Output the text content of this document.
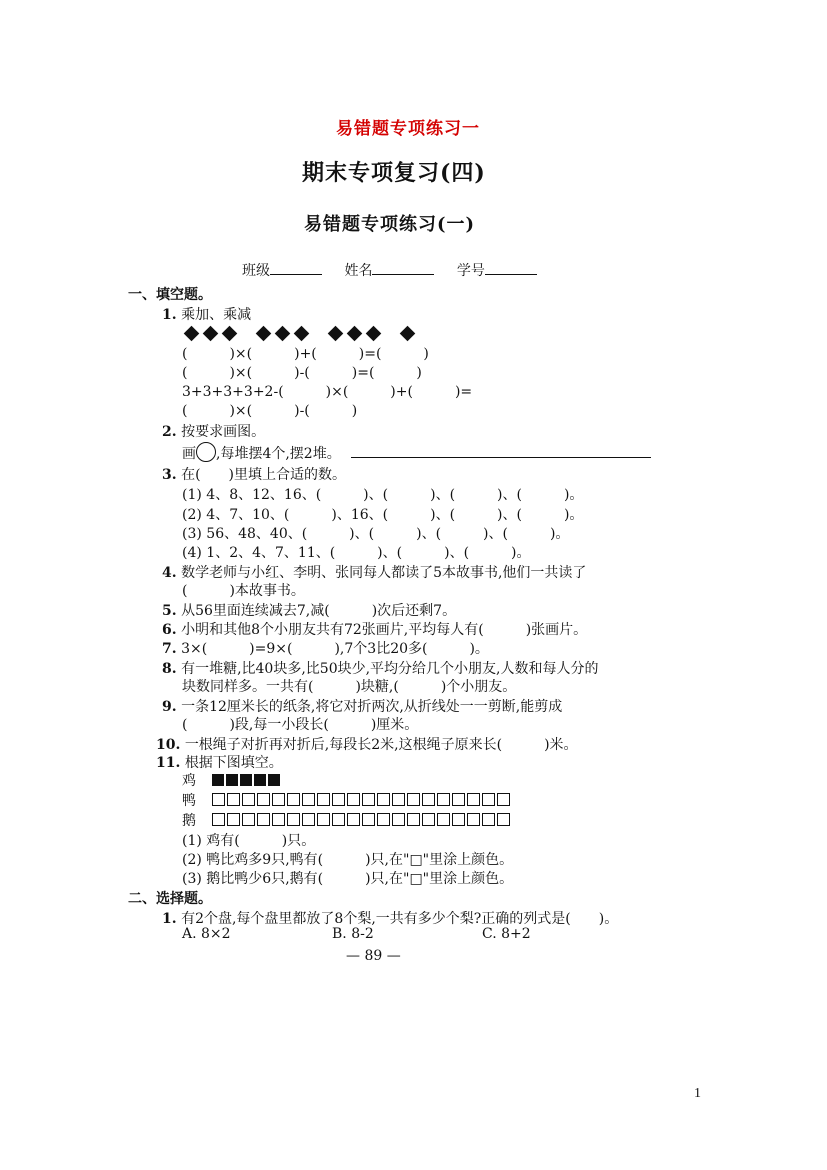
易错题专项练习一
期末专项复习(四)
易错题专项练习(一)
班级	姓名	学号
一、填空题。
1. 乘加、乘减

(　　　)×(　　　)+(　　　)=(　　　)
(　　　)×(　　　)-(　　　)=(　　　)
3+3+3+3+2-(　　　)×(　　　)+(　　　)=
(　　　)×(　　　)-(　　　)
2. 按要求画图。
画 ,每堆摆4个,摆2堆。
3. 在(　　)里填上合适的数。
(1) 4、8、12、16、(　　　)、(　　　)、(　　　)、(　　　)。
(2) 4、7、10、(　　　)、16、(　　　)、(　　　)、(　　　)。
(3) 56、48、40、(　　　)、(　　　)、(　　　)、(　　　)。
(4) 1、2、4、7、11、(　　　)、(　　　)、(　　　)。
4. 数学老师与小红、李明、张同每人都读了5本故事书,他们一共读了
(　　　)本故事书。
5. 从56里面连续减去7,减(　　　)次后还剩7。
6. 小明和其他8个小朋友共有72张画片,平均每人有(　　　)张画片。
7. 3×(　　　)=9×(　　　),7个3比20多(　　　)。
8. 有一堆糖,比40块多,比50块少,平均分给几个小朋友,人数和每人分的
块数同样多。一共有(　　　)块糖,(　　　)个小朋友。
9. 一条12厘米长的纸条,将它对折两次,从折线处一一剪断,能剪成
(　　　)段,每一小段长(　　　)厘米。
10. 一根绳子对折再对折后,每段长2米,这根绳子原来长(　　　)米。
11. 根据下图填空。
鸡
鸭
鹅
(1) 鸡有(　　　)只。
(2) 鸭比鸡多9只,鸭有(　　　)只,在"□"里涂上颜色。
(3) 鹅比鸭少6只,鹅有(　　　)只,在"□"里涂上颜色。
二、选择题。
1. 有2个盘,每个盘里都放了8个梨,一共有多少个梨?正确的列式是(　　)。
A. 8×2	B. 8-2	C. 8+2
— 89 —
1
